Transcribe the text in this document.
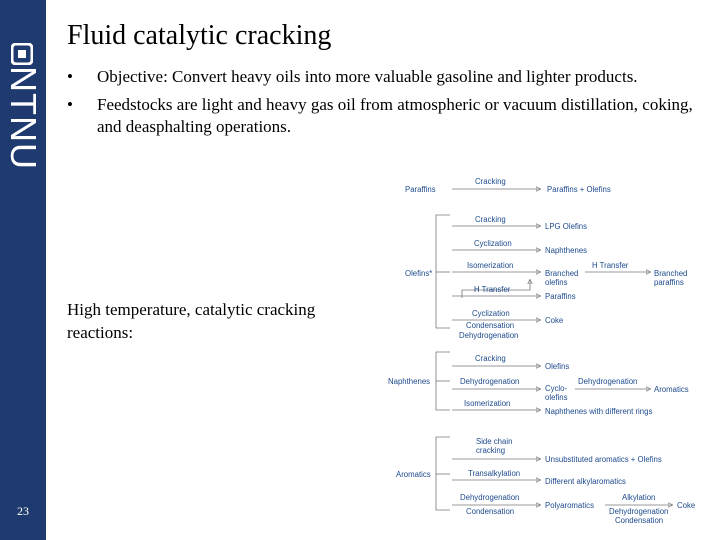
NTNU
23
Fluid catalytic cracking
• Objective: Convert heavy oils into more valuable gasoline and lighter products.
• Feedstocks are light and heavy gas oil from atmospheric or vacuum distillation, coking, and deasphalting operations.
High temperature, catalytic cracking reactions:
Paraffins
Cracking
Paraffins + Olefins
Olefins*
Cracking
Cyclization
Isomerization
H Transfer
Cyclization
Condensation
Dehydrogenation
LPG Olefins
Naphthenes
Branched
olefins
Paraffins
Coke
H Transfer
Branched
paraffins
Naphthenes
Cracking
Dehydrogenation
Isomerization
Olefins
Cyclo-
olefins
Naphthenes with different rings
Dehydrogenation
Aromatics
Aromatics
Side chain
cracking
Transalkylation
Dehydrogenation
Condensation
Unsubstituted aromatics + Olefins
Different alkylaromatics
Polyaromatics
Alkylation
Dehydrogenation
Condensation
Coke
